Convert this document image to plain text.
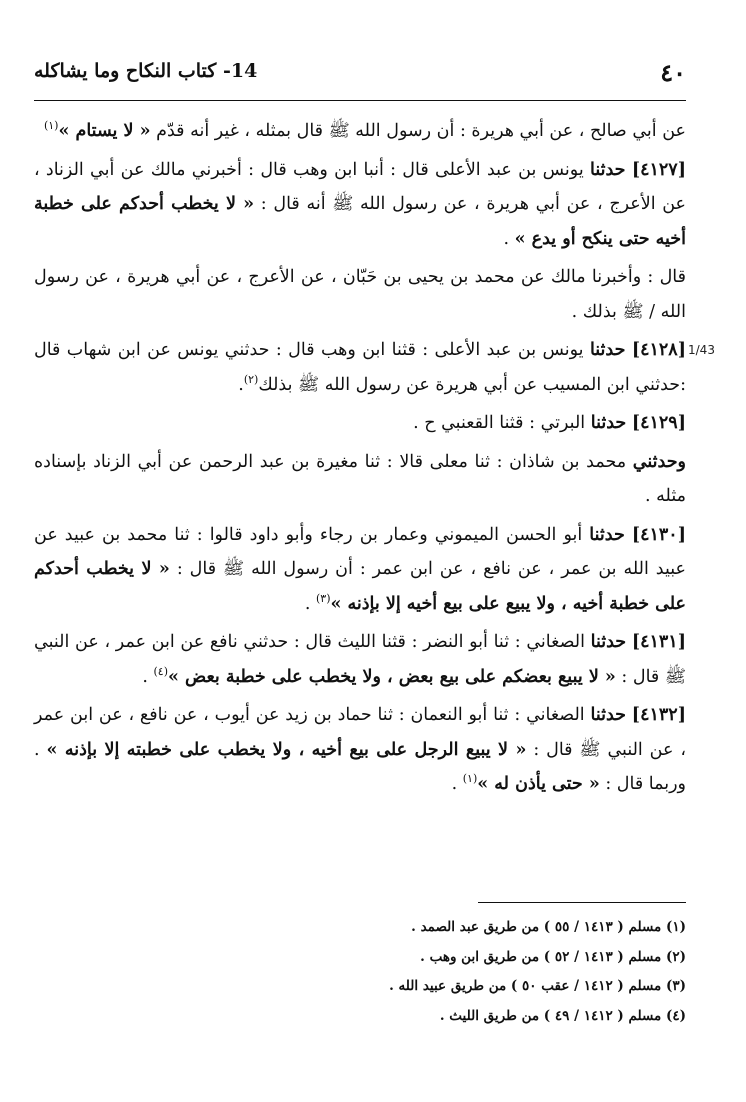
٤٠
14- كتاب النكاح وما يشاكله
1/43

عن أبي صالح ، عن أبي هريرة : أن رسول الله ﷺ قال بمثله ، غير أنه قدّم « لا يستام »$^{(١)}$

[٤١٢٧] حدثنا يونس بن عبد الأعلى قال : أنبا ابن وهب قال : أخبرني مالك عن أبي الزناد ، عن الأعرج ، عن أبي هريرة ، عن رسول الله ﷺ أنه قال : « لا يخطب أحدكم على خطبة أخيه حتى ينكح أو يدع » .

قال : وأخبرنا مالك عن محمد بن يحيى بن حَبّان ، عن الأعرج ، عن أبي هريرة ، عن رسول الله / ﷺ بذلك .

[٤١٢٨] حدثنا يونس بن عبد الأعلى : قثنا ابن وهب قال : حدثني يونس عن ابن شهاب قال :حدثني ابن المسيب عن أبي هريرة عن رسول الله ﷺ بذلك$^{(٢)}$.

[٤١٢٩] حدثنا البرتي : قثنا القعنبي ح .

وحدثني محمد بن شاذان : ثنا معلى قالا : ثنا مغيرة بن عبد الرحمن عن أبي الزناد بإسناده مثله .

[٤١٣٠] حدثنا أبو الحسن الميموني وعمار بن رجاء وأبو داود قالوا : ثنا محمد بن عبيد عن عبيد الله بن عمر ، عن نافع ، عن ابن عمر : أن رسول الله ﷺ قال : « لا يخطب أحدكم على خطبة أخيه ، ولا يبيع على بيع أخيه إلا بإذنه »$^{(٣)}$ .

[٤١٣١] حدثنا الصغاني : ثنا أبو النضر : قثنا الليث قال : حدثني نافع عن ابن عمر ، عن النبي ﷺ قال : « لا يبيع بعضكم على بيع بعض ، ولا يخطب على خطبة بعض »$^{(٤)}$ .

[٤١٣٢] حدثنا الصغاني : ثنا أبو النعمان : ثنا حماد بن زيد عن أيوب ، عن نافع ، عن ابن عمر ، عن النبي ﷺ قال : « لا يبيع الرجل على بيع أخيه ، ولا يخطب على خطبته إلا بإذنه » . وربما قال : « حتى يأذن له »$^{(١)}$ .

(١) مسلم ( ١٤١٣ / ٥٥ ) من طريق عبد الصمد .
(٢) مسلم ( ١٤١٣ / ٥٢ ) من طريق ابن وهب .
(٣) مسلم ( ١٤١٢ / عقب ٥٠ ) من طريق عبيد الله .
(٤) مسلم ( ١٤١٢ / ٤٩ ) من طريق الليث .
